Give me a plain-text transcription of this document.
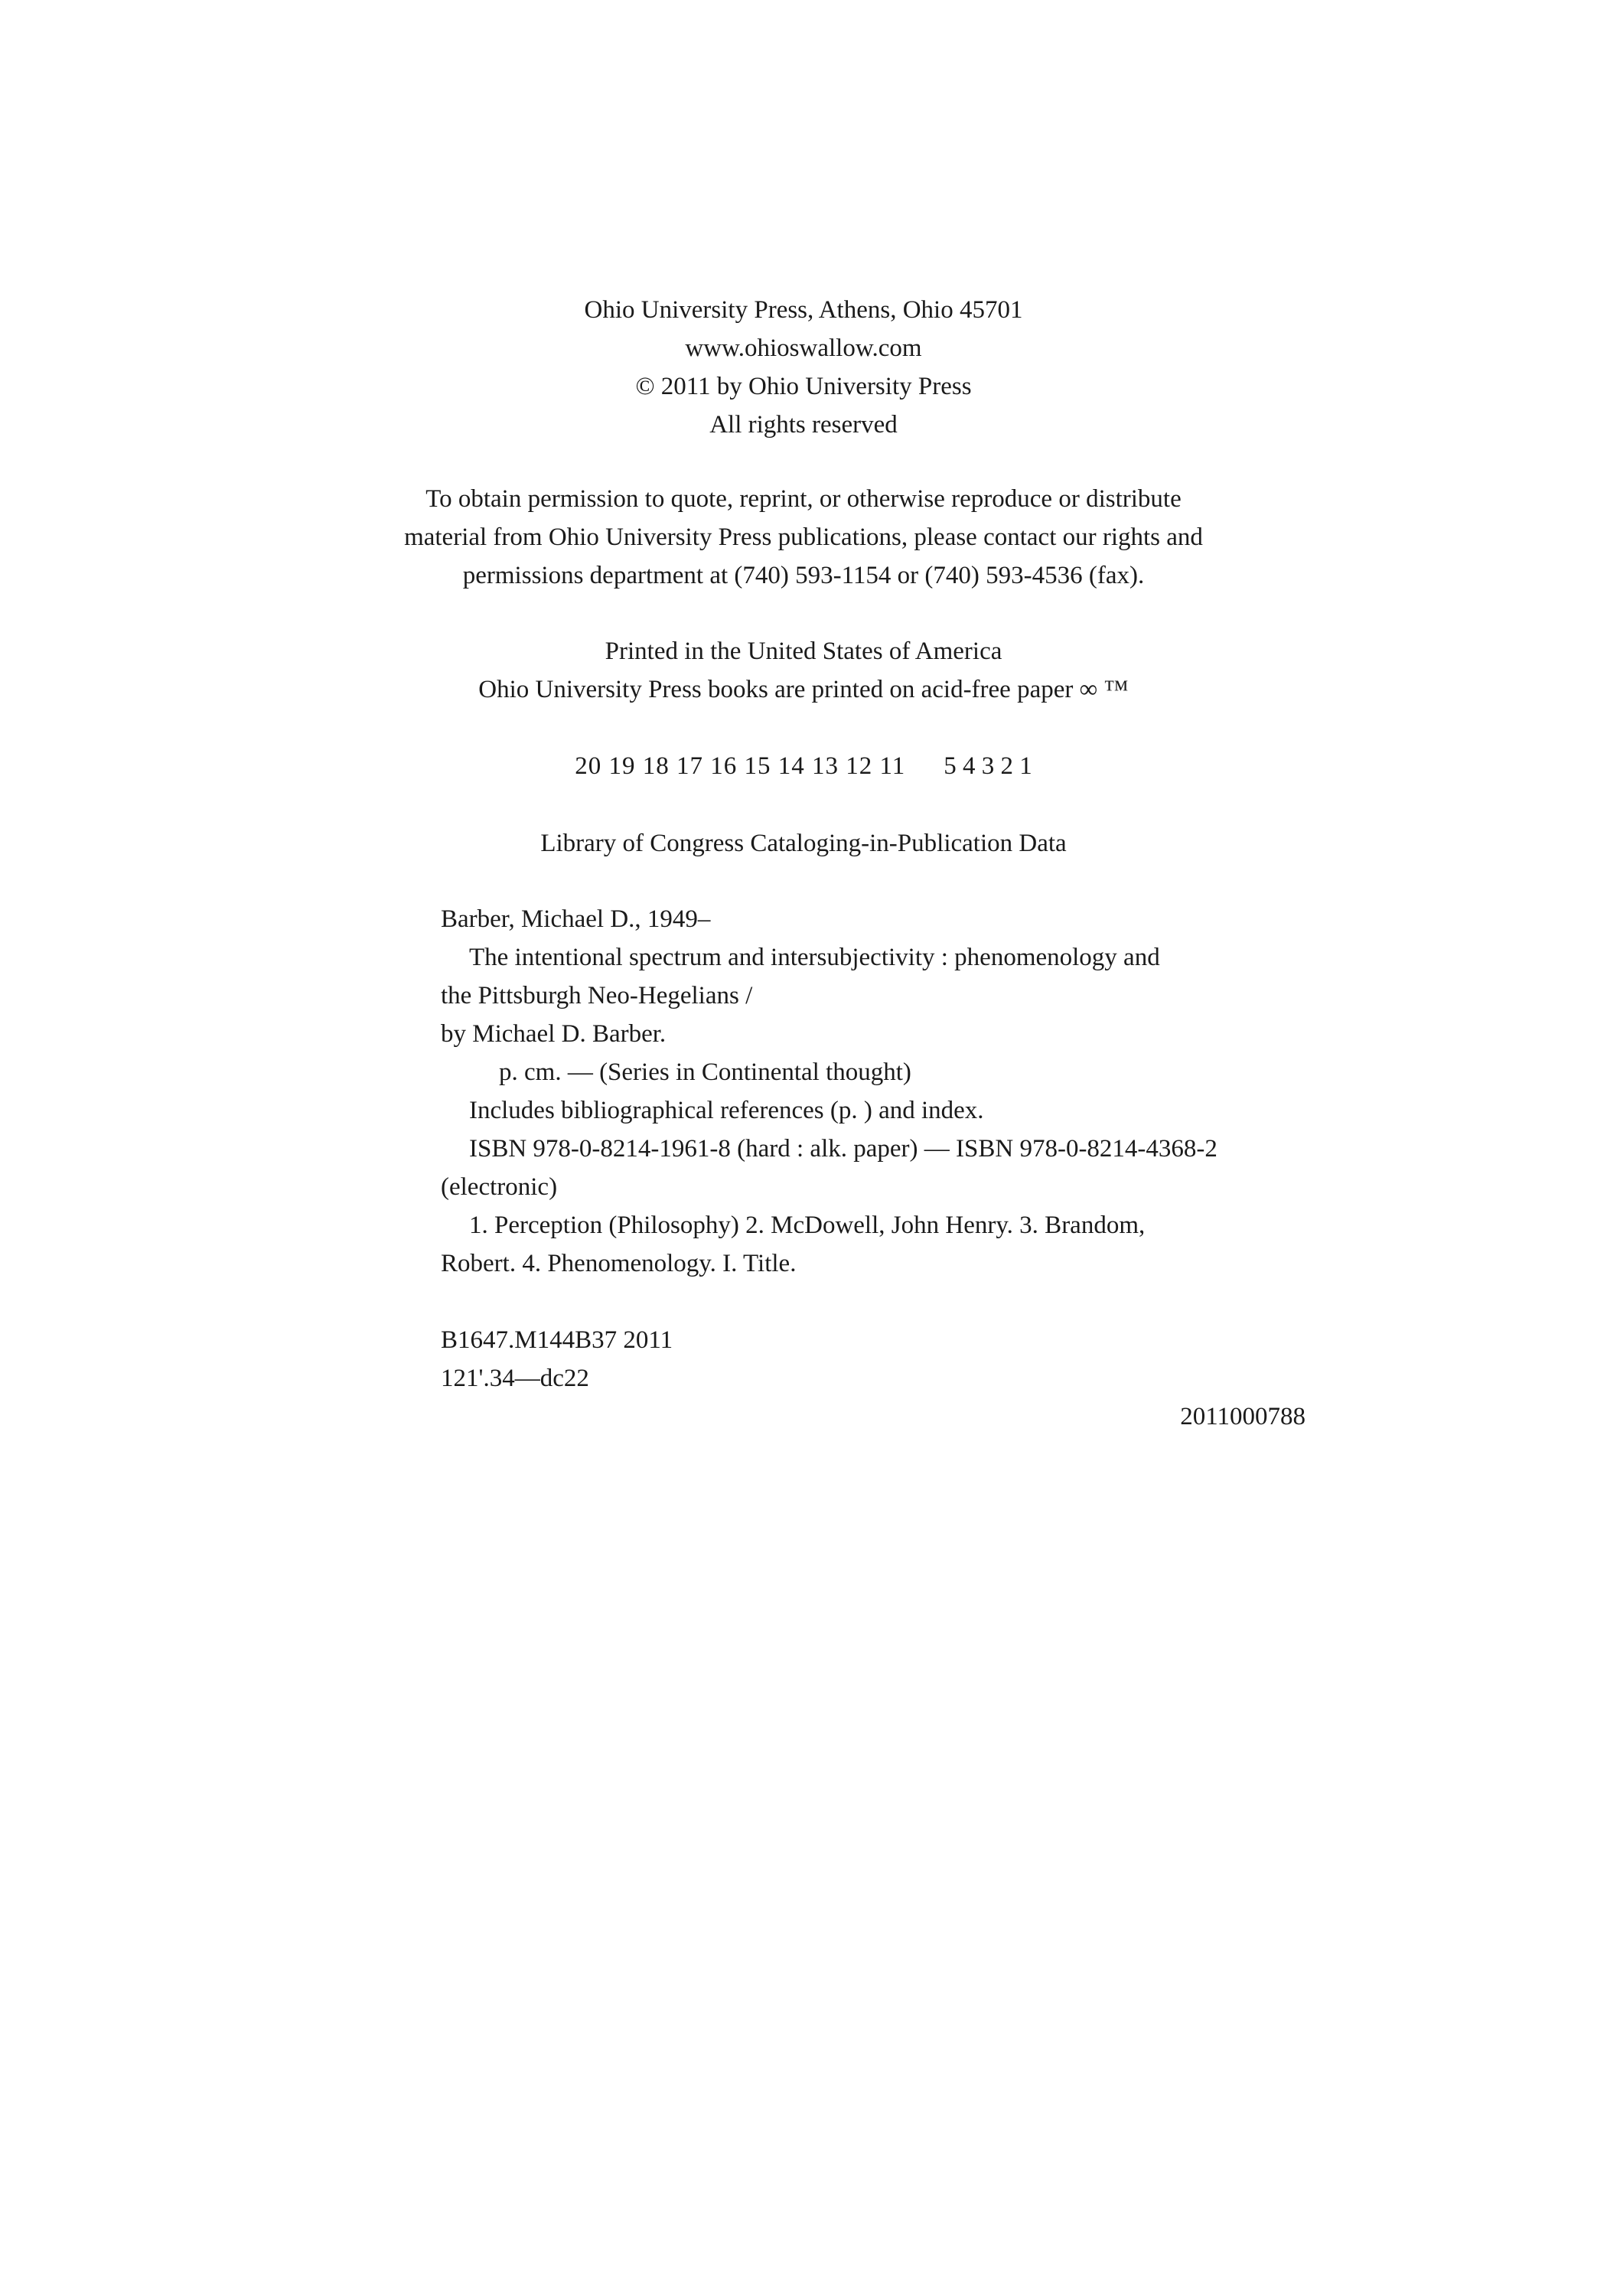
Ohio University Press, Athens, Ohio 45701
www.ohioswallow.com
© 2011 by Ohio University Press
All rights reserved
To obtain permission to quote, reprint, or otherwise reproduce or distribute
material from Ohio University Press publications, please contact our rights and
permissions department at (740) 593-1154 or (740) 593-4536 (fax).
Printed in the United States of America
Ohio University Press books are printed on acid-free paper ∞ ™
20 19 18 17 16 15 14 13 12 11 5 4 3 2 1
Library of Congress Cataloging-in-Publication Data
Barber, Michael D., 1949–
The intentional spectrum and intersubjectivity : phenomenology and
the Pittsburgh Neo-Hegelians /
by Michael D. Barber.
p. cm. — (Series in Continental thought)
Includes bibliographical references (p. ) and index.
ISBN 978-0-8214-1961-8 (hard : alk. paper) — ISBN 978-0-8214-4368-2
(electronic)
1. Perception (Philosophy) 2. McDowell, John Henry. 3. Brandom,
Robert. 4. Phenomenology. I. Title.
B1647.M144B37 2011
121'.34—dc22
2011000788
